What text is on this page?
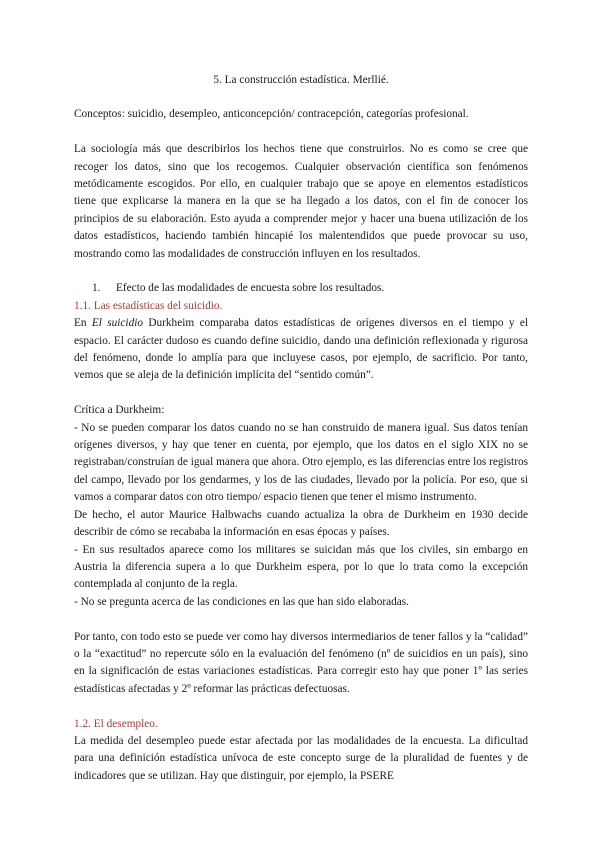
5. La construcción estadística. Merllié.

Conceptos: suicidio, desempleo, anticoncepción/ contracepción, categorías profesional.

La sociología más que describirlos los hechos tiene que construirlos. No es como se cree que recoger los datos, sino que los recogemos. Cualquier observación científica son fenómenos metódicamente escogidos. Por ello, en cualquier trabajo que se apoye en elementos estadísticos tiene que explicarse la manera en la que se ha llegado a los datos, con el fin de conocer los principios de su elaboración. Esto ayuda a comprender mejor y hacer una buena utilización de los datos estadísticos, haciendo también hincapié los malentendidos que puede provocar su uso, mostrando como las modalidades de construcción influyen en los resultados.

1. Efecto de las modalidades de encuesta sobre los resultados.

1.1. Las estadísticas del suicidio.

En El suicidio Durkheim comparaba datos estadísticas de orígenes diversos en el tiempo y el espacio. El carácter dudoso es cuando define suicidio, dando una definición reflexionada y rigurosa del fenómeno, donde lo amplía para que incluyese casos, por ejemplo, de sacrificio. Por tanto, vemos que se aleja de la definición implícita del “sentido común”.

Crítica a Durkheim:

- No se pueden comparar los datos cuando no se han construido de manera igual. Sus datos tenían orígenes diversos, y hay que tener en cuenta, por ejemplo, que los datos en el siglo XIX no se registraban/construían de igual manera que ahora. Otro ejemplo, es las diferencias entre los registros del campo, llevado por los gendarmes, y los de las ciudades, llevado por la policía. Por eso, que si vamos a comparar datos con otro tiempo/ espacio tienen que tener el mismo instrumento.

De hecho, el autor Maurice Halbwachs cuando actualiza la obra de Durkheim en 1930 decide describir de cómo se recababa la información en esas épocas y países.

- En sus resultados aparece como los militares se suicidan más que los civiles, sin embargo en Austria la diferencia supera a lo que Durkheim espera, por lo que lo trata como la excepción contemplada al conjunto de la regla.

- No se pregunta acerca de las condiciones en las que han sido elaboradas.

Por tanto, con todo esto se puede ver como hay diversos intermediarios de tener fallos y la “calidad” o la “exactitud” no repercute sólo en la evaluación del fenómeno (nº de suicidios en un país), sino en la significación de estas variaciones estadísticas. Para corregir esto hay que poner 1º las series estadísticas afectadas y 2º reformar las prácticas defectuosas.

1.2. El desempleo.

La medida del desempleo puede estar afectada por las modalidades de la encuesta. La dificultad para una definición estadística unívoca de este concepto surge de la pluralidad de fuentes y de indicadores que se utilizan. Hay que distinguir, por ejemplo, la PSERE
